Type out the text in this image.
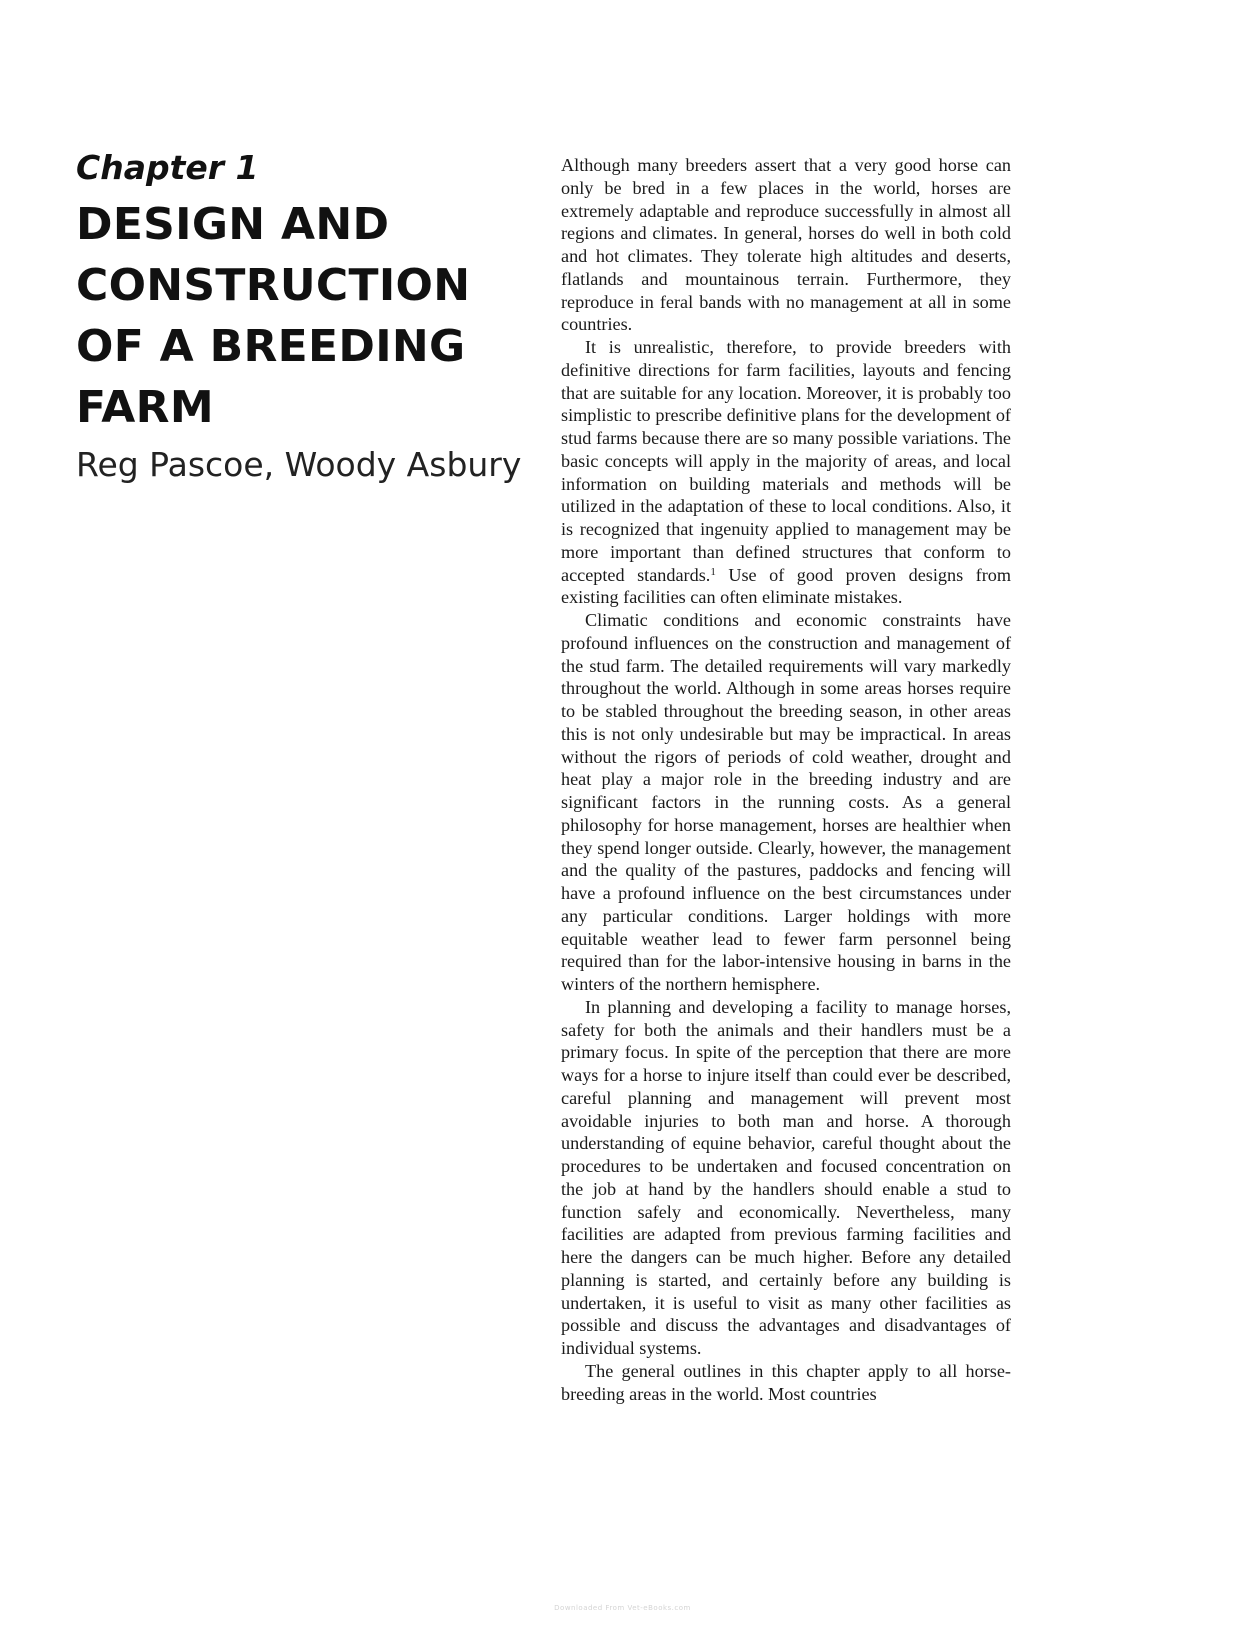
Chapter 1
DESIGN AND
CONSTRUCTION
OF A BREEDING
FARM
Reg Pascoe, Woody Asbury

Although many breeders assert that a very good horse can only be bred in a few places in the world, horses are extremely adaptable and reproduce successfully in almost all regions and climates. In general, horses do well in both cold and hot climates. They tolerate high altitudes and deserts, flatlands and mountainous terrain. Furthermore, they reproduce in feral bands with no management at all in some countries.

It is unrealistic, therefore, to provide breeders with definitive directions for farm facilities, layouts and fencing that are suitable for any location. Moreover, it is probably too simplistic to prescribe definitive plans for the development of stud farms because there are so many possible variations. The basic concepts will apply in the majority of areas, and local information on building materials and methods will be utilized in the adaptation of these to local conditions. Also, it is recognized that ingenuity applied to management may be more important than defined structures that conform to accepted standards.$^1$ Use of good proven designs from existing facilities can often eliminate mistakes.

Climatic conditions and economic constraints have profound influences on the construction and management of the stud farm. The detailed requirements will vary markedly throughout the world. Although in some areas horses require to be stabled throughout the breeding season, in other areas this is not only undesirable but may be impractical. In areas without the rigors of periods of cold weather, drought and heat play a major role in the breeding industry and are significant factors in the running costs. As a general philosophy for horse management, horses are healthier when they spend longer outside. Clearly, however, the management and the quality of the pastures, paddocks and fencing will have a profound influence on the best circumstances under any particular conditions. Larger holdings with more equitable weather lead to fewer farm personnel being required than for the labor-intensive housing in barns in the winters of the northern hemisphere.

In planning and developing a facility to manage horses, safety for both the animals and their handlers must be a primary focus. In spite of the perception that there are more ways for a horse to injure itself than could ever be described, careful planning and management will prevent most avoidable injuries to both man and horse. A thorough understanding of equine behavior, careful thought about the procedures to be undertaken and focused concentration on the job at hand by the handlers should enable a stud to function safely and economically. Nevertheless, many facilities are adapted from previous farming facilities and here the dangers can be much higher. Before any detailed planning is started, and certainly before any building is undertaken, it is useful to visit as many other facilities as possible and discuss the advantages and disadvantages of individual systems.

The general outlines in this chapter apply to all horse-breeding areas in the world. Most countries

Downloaded From Vet-eBooks.com
